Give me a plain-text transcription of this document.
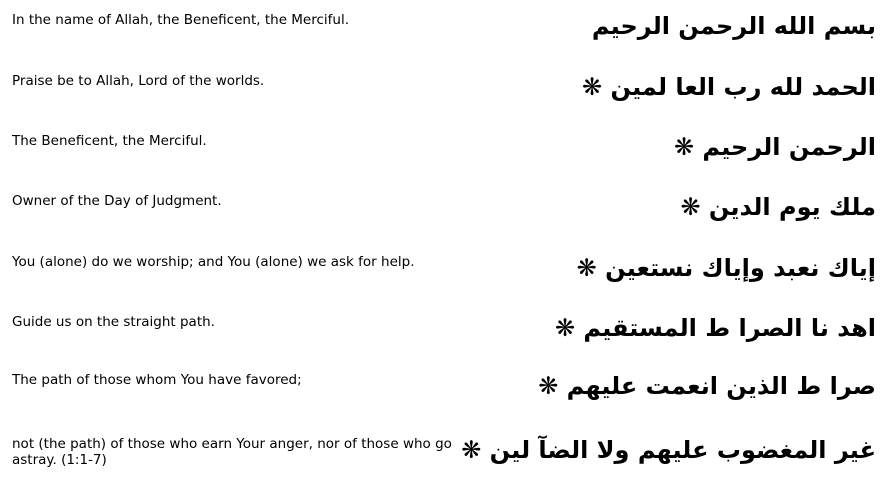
In the name of Allah, the Beneficent, the Merciful.	بسم الله الرحمن الرحيم
Praise be to Allah, Lord of the worlds.	الحمد لله رب العا لمين ❋
The Beneficent, the Merciful.	الرحمن الرحيم ❋
Owner of the Day of Judgment.	ملك يوم الدين ❋
You (alone) do we worship; and You (alone) we ask for help.	إياك نعبد وإياك نستعين ❋
Guide us on the straight path.	اهد نا الصرا ط المستقيم ❋
The path of those whom You have favored;	صرا ط الذين انعمت عليهم ❋
not (the path) of those who earn Your anger, nor of those who go astray. (1:1-7)	غير المغضوب عليهم ولا الضآ لين ❋
